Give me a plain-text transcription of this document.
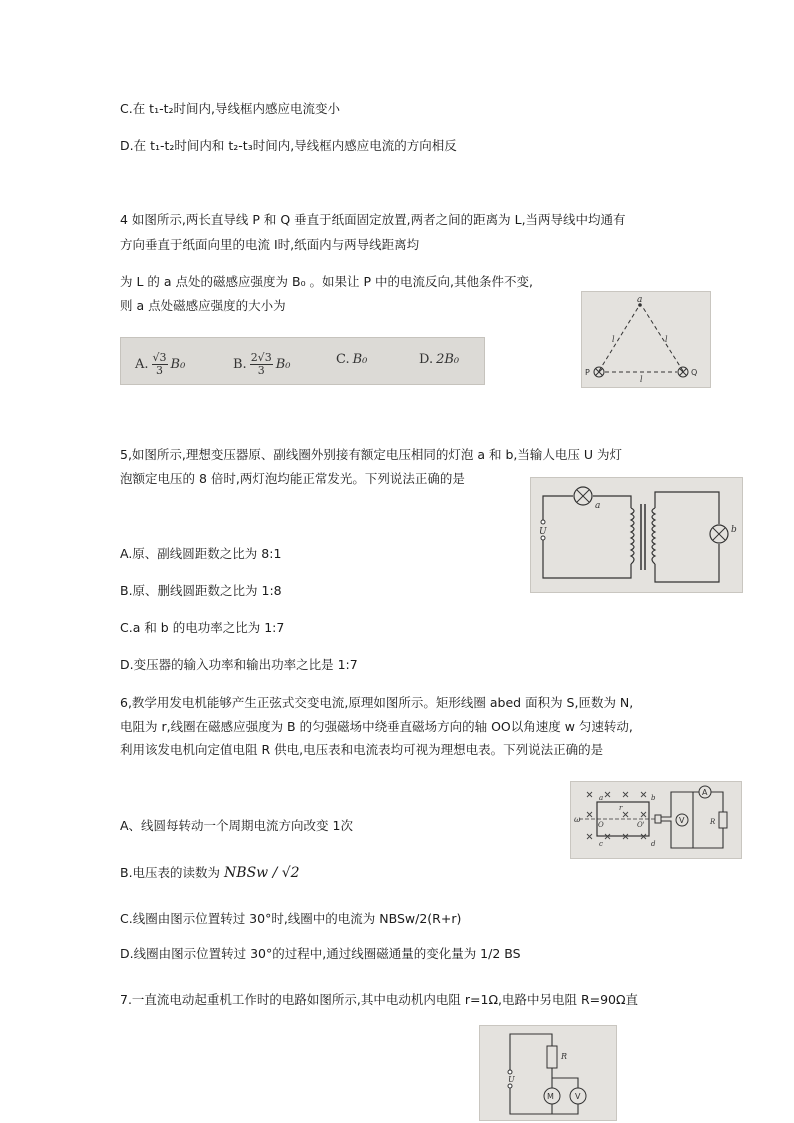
C.在 t₁-t₂时间内,导线框内感应电流变小
D.在 t₁-t₂时间内和 t₂-t₃时间内,导线框内感应电流的方向相反
4 如图所示,两长直导线 P 和 Q 垂直于纸面固定放置,两者之间的距离为 L,当两导线中均通有
方向垂直于纸面向里的电流 I时,纸面内与两导线距离均
为 L 的 a 点处的磁感应强度为 B₀ 。如果让 P 中的电流反向,其他条件不变,
则 a 点处磁感应强度的大小为
A. $\frac{√3}{3} B_0$	B. $\frac{2√3}{3} B_0$	C. B₀	D. 2B₀
a
P	Q
l	l
l
5,如图所示,理想变压器原、副线圈外别接有额定电压相同的灯泡 a 和 b,当输人电压 U 为灯
泡额定电压的 8 倍时,两灯泡均能正常发光。下列说法正确的是
a
b
U
A.原、副线圆距数之比为 8:1
B.原、删线圆距数之比为 1:8
C.a 和 b 的电功率之比为 1:7
D.变压器的输入功率和输出功率之比是 1:7
6,教学用发电机能够产生正弦式交变电流,原理如图所示。矩形线圈 abed 面积为 S,匝数为 N,
电阻为 r,线圈在磁感应强度为 B 的匀强磁场中绕垂直磁场方向的轴 OO以角速度 w 匀速转动,
利用该发电机向定值电阻 R 供电,电压表和电流表均可视为理想电表。下列说法正确的是
A
V	R
a	b
c	d
O	O'
r
ω
A、线圆每转动一个周期电流方向改变 1次
B.电压表的读数为 NBSw / √2
C.线圈由图示位置转过 30°时,线圈中的电流为 NBSw/2(R+r)
D.线圈由图示位置转过 30°的过程中,通过线圈磁通量的变化量为 1/2 BS
7.一直流电动起重机工作时的电路如图所示,其中电动机内电阻 r=1Ω,电路中另电阻 R=90Ω直
M	V
R
U
